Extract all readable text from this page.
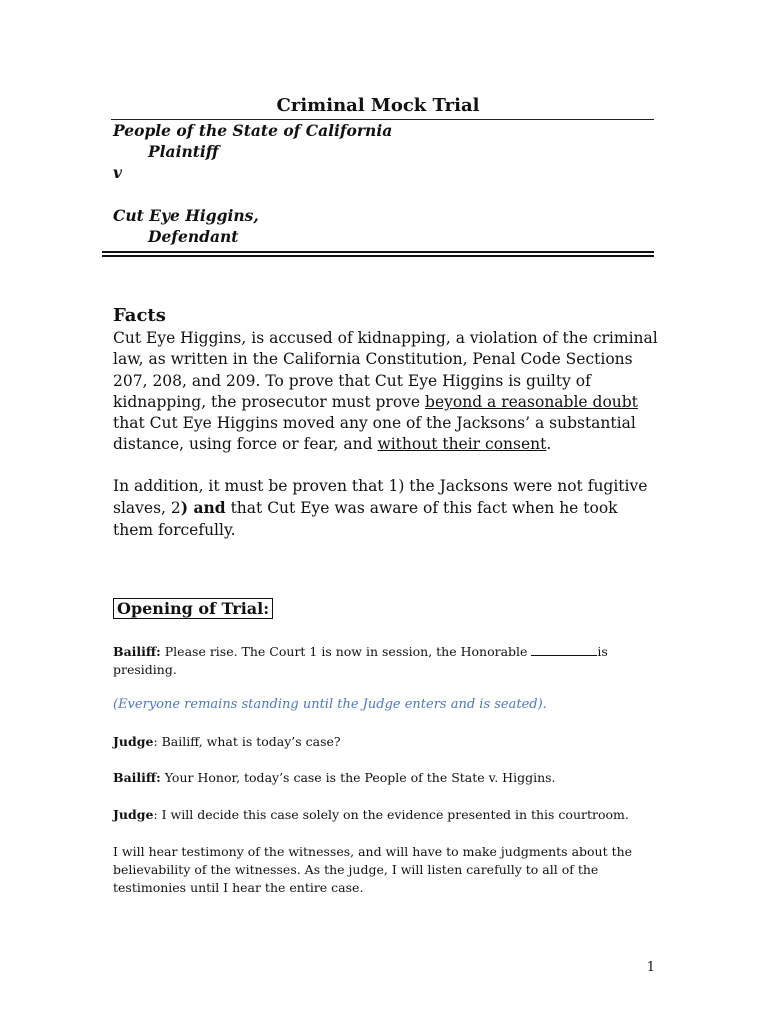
Criminal Mock Trial
People of the State of California
Plaintiff
v
Cut Eye Higgins,
Defendant
Facts
Cut Eye Higgins, is accused of kidnapping, a violation of the criminal law, as written in the California Constitution, Penal Code Sections 207, 208, and 209. To prove that Cut Eye Higgins is guilty of kidnapping, the prosecutor must prove beyond a reasonable doubt that Cut Eye Higgins moved any one of the Jacksons’ a substantial distance, using force or fear, and without their consent.
In addition, it must be proven that 1) the Jacksons were not fugitive slaves, 2) and that Cut Eye was aware of this fact when he took them forcefully.
Opening of Trial:
Bailiff: Please rise. The Court 1 is now in session, the Honorable	is presiding.
(Everyone remains standing until the Judge enters and is seated).
Judge: Bailiff, what is today’s case?
Bailiff: Your Honor, today’s case is the People of the State v. Higgins.
Judge: I will decide this case solely on the evidence presented in this courtroom.
I will hear testimony of the witnesses, and will have to make judgments about the believability of the witnesses. As the judge, I will listen carefully to all of the testimonies until I hear the entire case.
1
